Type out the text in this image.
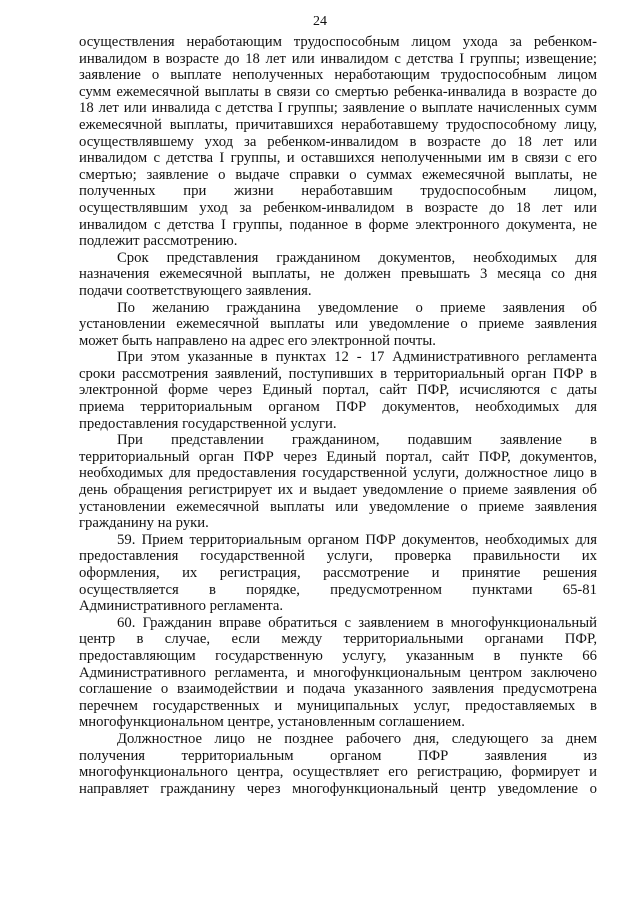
24
осуществления неработающим трудоспособным лицом ухода за ребенком-
инвалидом в возрасте до 18 лет или инвалидом с детства I группы; извещение;
заявление о выплате неполученных неработающим трудоспособным лицом
сумм ежемесячной выплаты в связи со смертью ребенка-инвалида в возрасте до
18 лет или инвалида с детства I группы; заявление о выплате начисленных сумм
ежемесячной выплаты, причитавшихся неработавшему трудоспособному лицу,
осуществлявшему уход за ребенком-инвалидом в возрасте до 18 лет или
инвалидом с детства I группы, и оставшихся неполученными им в связи с его
смертью; заявление о выдаче справки о суммах ежемесячной выплаты, не
полученных при жизни неработавшим трудоспособным лицом,
осуществлявшим уход за ребенком-инвалидом в возрасте до 18 лет или
инвалидом с детства I группы, поданное в форме электронного документа, не
подлежит рассмотрению.
Срок представления гражданином документов, необходимых для
назначения ежемесячной выплаты, не должен превышать 3 месяца со дня
подачи соответствующего заявления.
По желанию гражданина уведомление о приеме заявления об
установлении ежемесячной выплаты или уведомление о приеме заявления
может быть направлено на адрес его электронной почты.
При этом указанные в пунктах 12 - 17 Административного регламента
сроки рассмотрения заявлений, поступивших в территориальный орган ПФР в
электронной форме через Единый портал, сайт ПФР, исчисляются с даты
приема территориальным органом ПФР документов, необходимых для
предоставления государственной услуги.
При представлении гражданином, подавшим заявление в
территориальный орган ПФР через Единый портал, сайт ПФР, документов,
необходимых для предоставления государственной услуги, должностное лицо в
день обращения регистрирует их и выдает уведомление о приеме заявления об
установлении ежемесячной выплаты или уведомление о приеме заявления
гражданину на руки.
59. Прием территориальным органом ПФР документов, необходимых для
предоставления государственной услуги, проверка правильности их
оформления, их регистрация, рассмотрение и принятие решения
осуществляется в порядке, предусмотренном пунктами 65-81
Административного регламента.
60. Гражданин вправе обратиться с заявлением в многофункциональный
центр в случае, если между территориальными органами ПФР,
предоставляющим государственную услугу, указанным в пункте 66
Административного регламента, и многофункциональным центром заключено
соглашение о взаимодействии и подача указанного заявления предусмотрена
перечнем государственных и муниципальных услуг, предоставляемых в
многофункциональном центре, установленным соглашением.
Должностное лицо не позднее рабочего дня, следующего за днем
получения территориальным органом ПФР заявления из
многофункционального центра, осуществляет его регистрацию, формирует и
направляет гражданину через многофункциональный центр уведомление о
